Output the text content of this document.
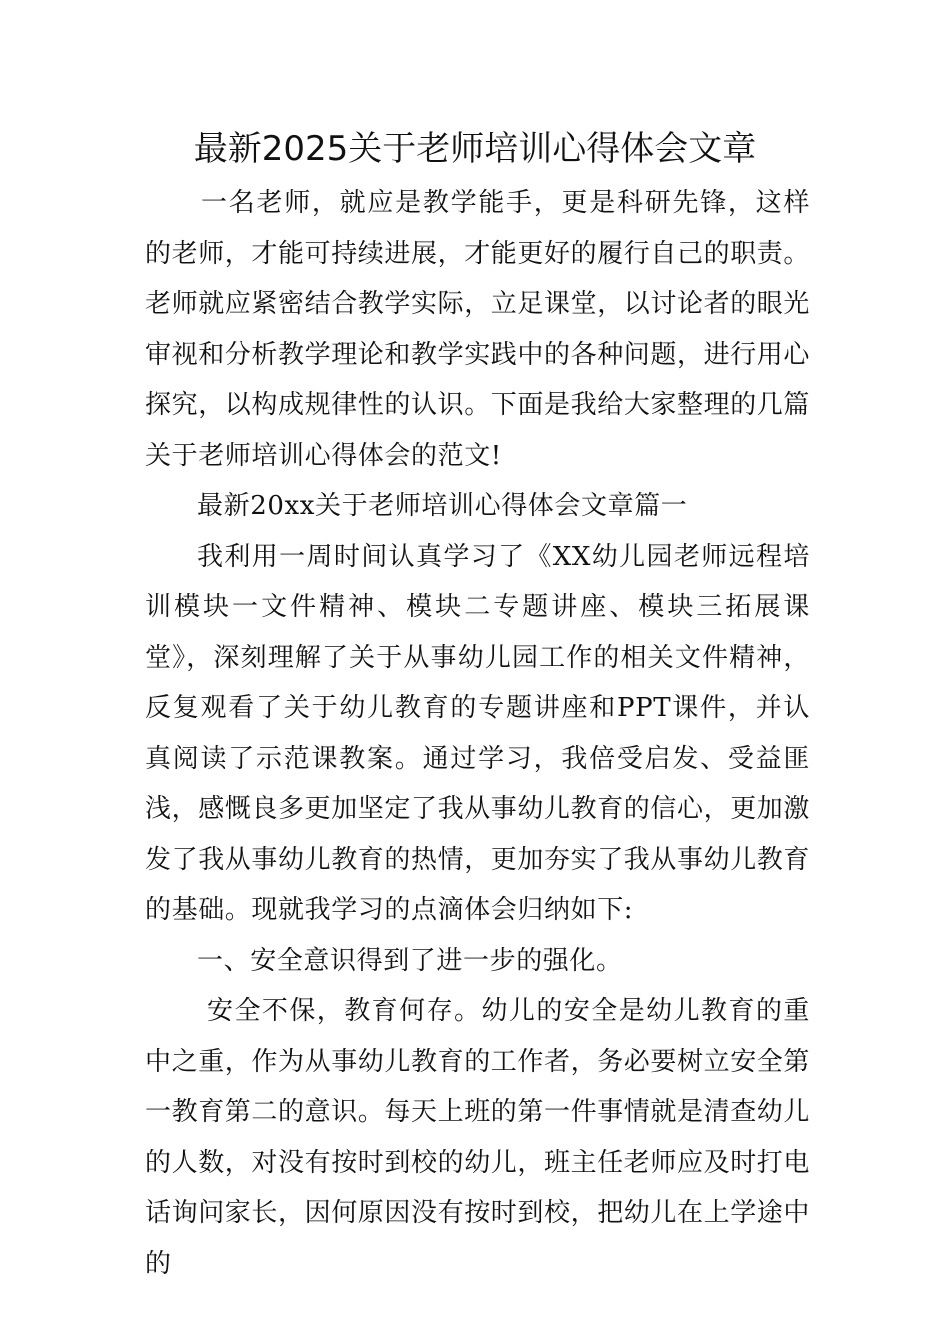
最新2025关于老师培训心得体会文章

一名老师，就应是教学能手，更是科研先锋，这样的老师，才能可持续进展，才能更好的履行自己的职责。老师就应紧密结合教学实际，立足课堂，以讨论者的眼光审视和分析教学理论和教学实践中的各种问题，进行用心探究，以构成规律性的认识。下面是我给大家整理的几篇关于老师培训心得体会的范文!

最新20xx关于老师培训心得体会文章篇一

我利用一周时间认真学习了《XX幼儿园老师远程培训模块一文件精神、模块二专题讲座、模块三拓展课堂》，深刻理解了关于从事幼儿园工作的相关文件精神，反复观看了关于幼儿教育的专题讲座和PPT课件，并认真阅读了示范课教案。通过学习，我倍受启发、受益匪浅，感慨良多更加坚定了我从事幼儿教育的信心，更加激发了我从事幼儿教育的热情，更加夯实了我从事幼儿教育的基础。现就我学习的点滴体会归纳如下:

一、安全意识得到了进一步的强化。

安全不保，教育何存。幼儿的安全是幼儿教育的重中之重，作为从事幼儿教育的工作者，务必要树立安全第一教育第二的意识。每天上班的第一件事情就是清查幼儿的人数，对没有按时到校的幼儿，班主任老师应及时打电话询问家长，因何原因没有按时到校，把幼儿在上学途中的
